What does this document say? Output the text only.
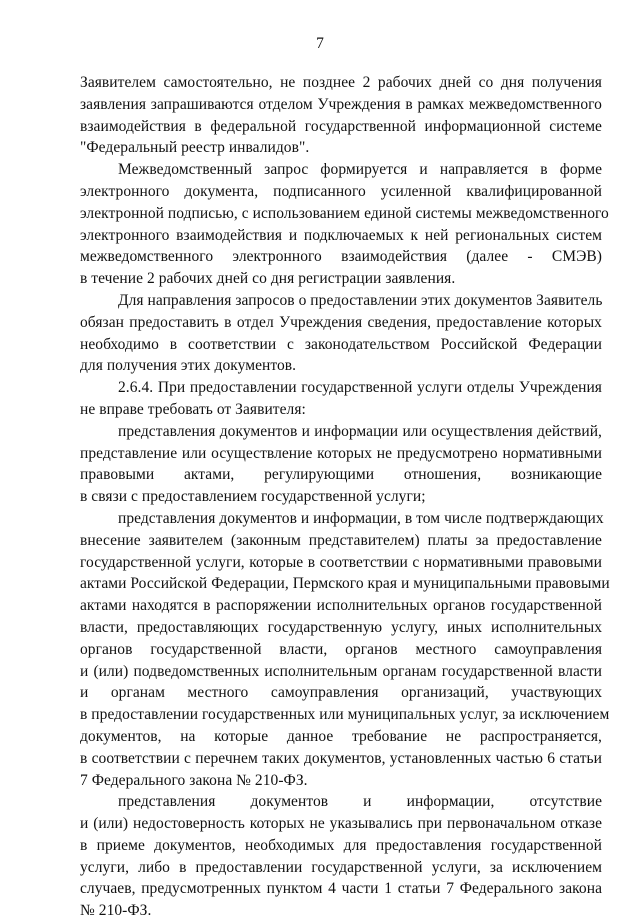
7
Заявителем самостоятельно, не позднее 2 рабочих дней со дня получения
заявления запрашиваются отделом Учреждения в рамках межведомственного
взаимодействия в федеральной государственной информационной системе
"Федеральный реестр инвалидов".
Межведомственный запрос формируется и направляется в форме
электронного документа, подписанного усиленной квалифицированной
электронной подписью, с использованием единой системы межведомственного
электронного взаимодействия и подключаемых к ней региональных систем
межведомственного электронного взаимодействия (далее - СМЭВ)
в течение 2 рабочих дней со дня регистрации заявления.
Для направления запросов о предоставлении этих документов Заявитель
обязан предоставить в отдел Учреждения сведения, предоставление которых
необходимо в соответствии с законодательством Российской Федерации
для получения этих документов.
2.6.4. При предоставлении государственной услуги отделы Учреждения
не вправе требовать от Заявителя:
представления документов и информации или осуществления действий,
представление или осуществление которых не предусмотрено нормативными
правовыми актами, регулирующими отношения, возникающие
в связи с предоставлением государственной услуги;
представления документов и информации, в том числе подтверждающих
внесение заявителем (законным представителем) платы за предоставление
государственной услуги, которые в соответствии с нормативными правовыми
актами Российской Федерации, Пермского края и муниципальными правовыми
актами находятся в распоряжении исполнительных органов государственной
власти, предоставляющих государственную услугу, иных исполнительных
органов государственной власти, органов местного самоуправления
и (или) подведомственных исполнительным органам государственной власти
и органам местного самоуправления организаций, участвующих
в предоставлении государственных или муниципальных услуг, за исключением
документов, на которые данное требование не распространяется,
в соответствии с перечнем таких документов, установленных частью 6 статьи
7 Федерального закона № 210-ФЗ.
представления документов и информации, отсутствие
и (или) недостоверность которых не указывались при первоначальном отказе
в приеме документов, необходимых для предоставления государственной
услуги, либо в предоставлении государственной услуги, за исключением
случаев, предусмотренных пунктом 4 части 1 статьи 7 Федерального закона
№ 210-ФЗ.
